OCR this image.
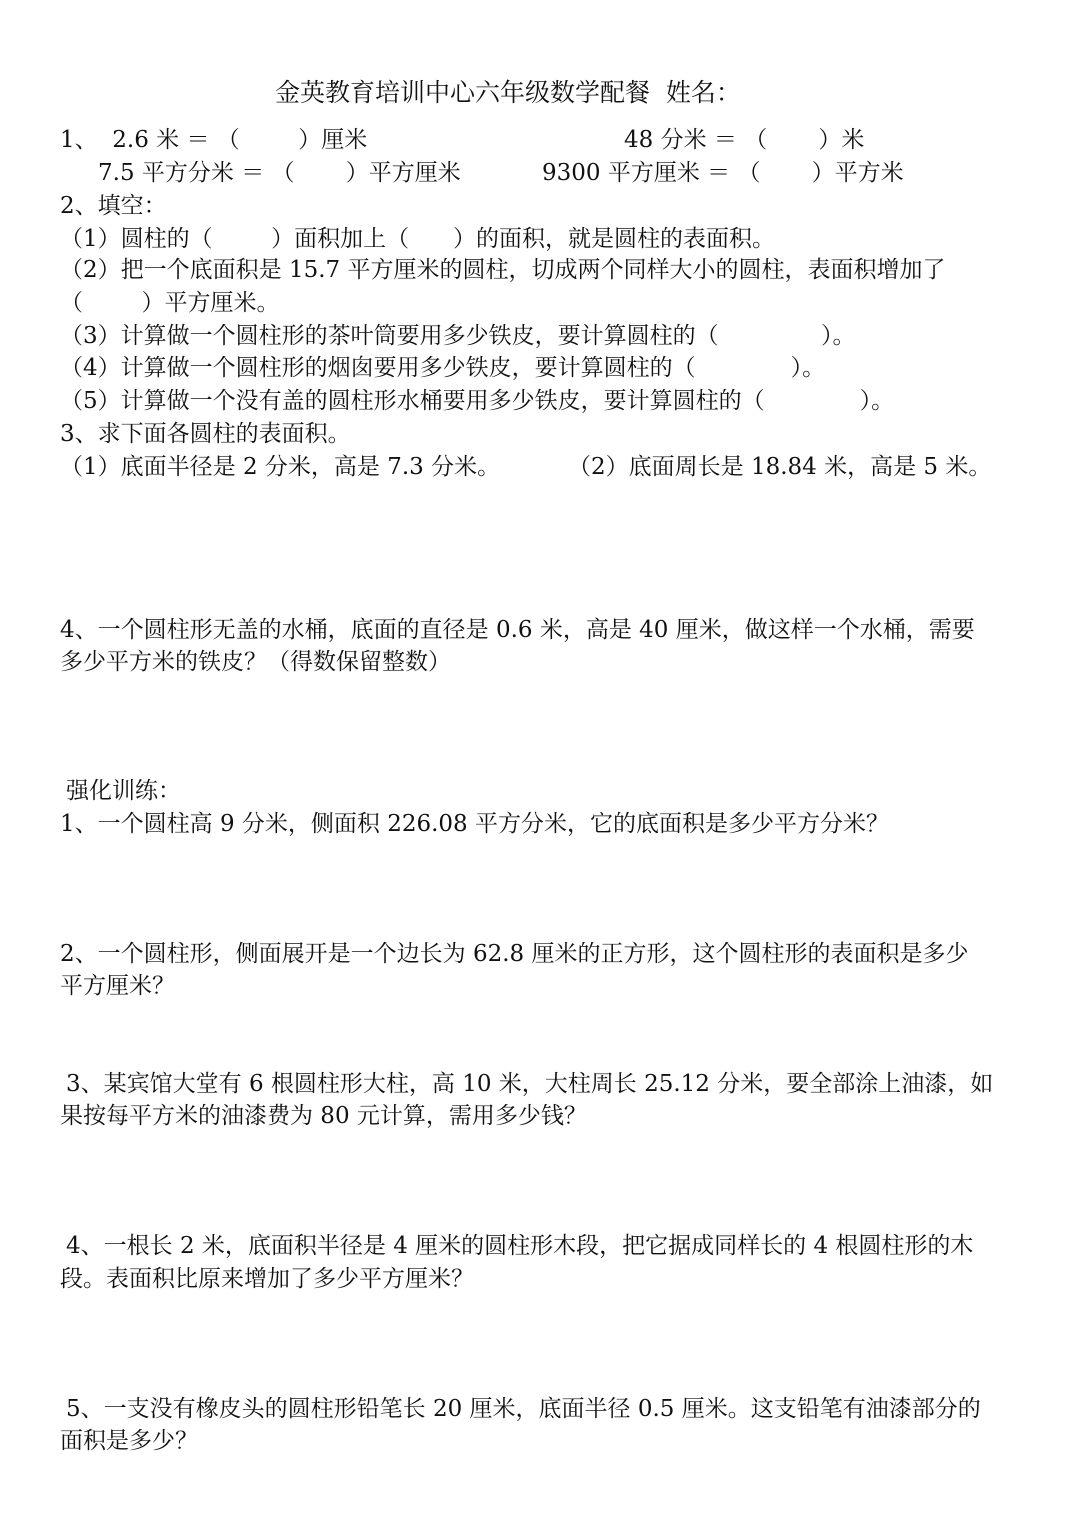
金英教育培训中心六年级数学配餐  姓名：
1、  2.6 米 ＝ （        ）厘米	48 分米 ＝ （       ）米
7.5 平方分米 ＝ （       ）平方厘米	9300 平方厘米 ＝ （       ）平方米
2、填空：
（1）圆柱的（        ）面积加上（      ）的面积，就是圆柱的表面积。
（2）把一个底面积是 15.7 平方厘米的圆柱，切成两个同样大小的圆柱，表面积增加了
（        ）平方厘米。
（3）计算做一个圆柱形的茶叶筒要用多少铁皮，要计算圆柱的（              ）。
（4）计算做一个圆柱形的烟囱要用多少铁皮，要计算圆柱的（             ）。
（5）计算做一个没有盖的圆柱形水桶要用多少铁皮，要计算圆柱的（             ）。
3、求下面各圆柱的表面积。
（1）底面半径是 2 分米，高是 7.3 分米。	（2）底面周长是 18.84 米，高是 5 米。
4、一个圆柱形无盖的水桶，底面的直径是 0.6 米，高是 40 厘米，做这样一个水桶，需要
多少平方米的铁皮？（得数保留整数）
强化训练：
1、一个圆柱高 9 分米，侧面积 226.08 平方分米，它的底面积是多少平方分米？
2、一个圆柱形，侧面展开是一个边长为 62.8 厘米的正方形，这个圆柱形的表面积是多少
平方厘米？
3、某宾馆大堂有 6 根圆柱形大柱，高 10 米，大柱周长 25.12 分米，要全部涂上油漆，如
果按每平方米的油漆费为 80 元计算，需用多少钱？
4、一根长 2 米，底面积半径是 4 厘米的圆柱形木段，把它据成同样长的 4 根圆柱形的木
段。表面积比原来增加了多少平方厘米？
5、一支没有橡皮头的圆柱形铅笔长 20 厘米，底面半径 0.5 厘米。这支铅笔有油漆部分的
面积是多少？
